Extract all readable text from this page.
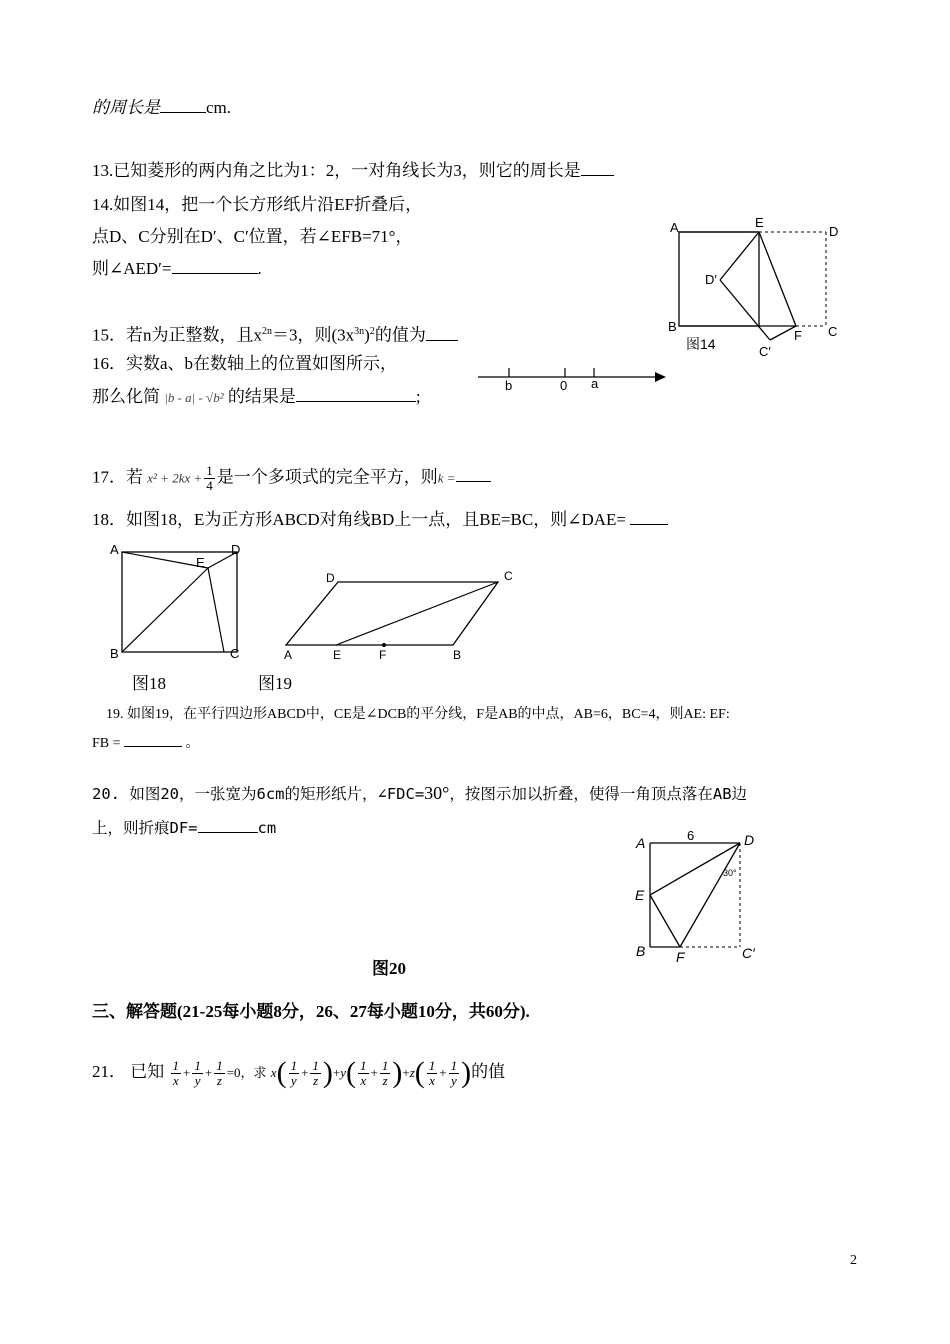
的周长是	cm.
13.已知菱形的两内角之比为1：2，一对角线长为3，则它的周长是
14.如图14，把一个长方形纸片沿EF折叠后，
点D、C分别在D′、C′位置，若∠EFB=71°，
则∠AED′=	.
A	E
D
D′
B
F C
C′
图14
15．若n为正整数，且$x^{2n}=3$，则$(3x^{3n})^2$的值为
16．实数a、b在数轴上的位置如图所示，
那么化简 |b - a| - √b² 的结果是	;
b	0 a
17．若 $x^2 + 2kx + \frac{1}{4}$ 是一个多项式的完全平方，则k =
18．如图18，E为正方形ABCD对角线BD上一点，且BE=BC，则∠DAE=
A	D
E
B	C
D	C
A	E	F	B
图18	图19
19. 如图19，在平行四边形ABCD中，CE是∠DCB的平分线，F是AB的中点，AB=6，BC=4，则AE: EF:
FB =	。
20. 如图20，一张宽为6cm的矩形纸片，∠FDC=30°，按图示加以折叠，使得一角顶点落在AB边
上，则折痕DF=	cm
A	6	D
30°
E
B F	C′
图20
三、解答题(21-25每小题8分，26、27每小题10分，共60分).
21． 已知 $\frac{1}{x} + \frac{1}{y} + \frac{1}{z} =0$，求 $x( \frac{1}{y} + \frac{1}{z} )+y( \frac{1}{x} + \frac{1}{z} )+z( \frac{1}{x} + \frac{1}{y}$ )的值
2
